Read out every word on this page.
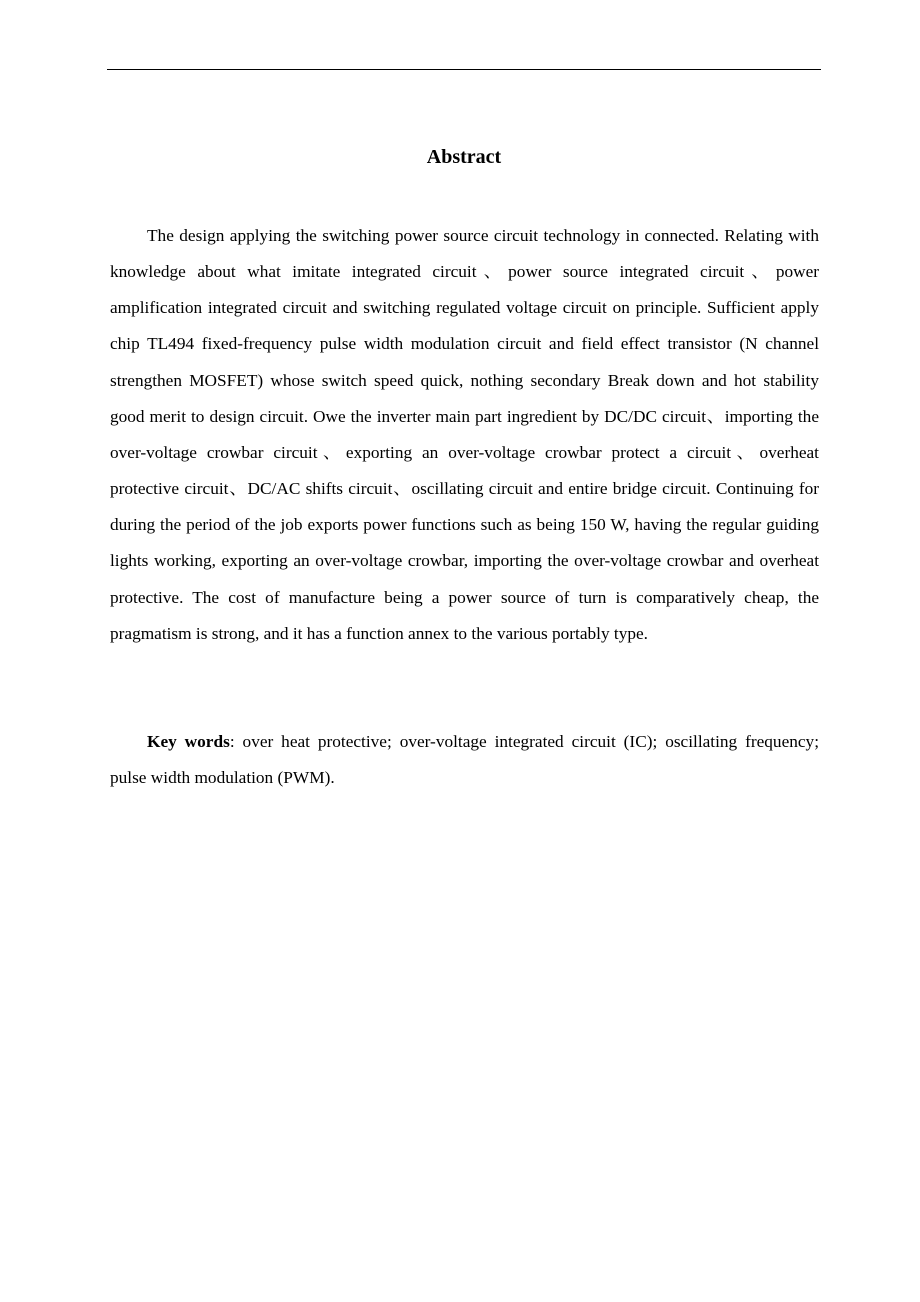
Abstract

The design applying the switching power source circuit technology in connected. Relating with knowledge about what imitate integrated circuit、power source integrated circuit、power amplification integrated circuit and switching regulated voltage circuit on principle. Sufficient apply chip TL494 fixed-frequency pulse width modulation circuit and field effect transistor (N channel strengthen MOSFET) whose switch speed quick, nothing secondary Break down and hot stability good merit to design circuit. Owe the inverter main part ingredient by DC/DC circuit、importing the over-voltage crowbar circuit、exporting an over-voltage crowbar protect a circuit、overheat protective circuit、DC/AC shifts circuit、oscillating circuit and entire bridge circuit. Continuing for during the period of the job exports power functions such as being 150 W, having the regular guiding lights working, exporting an over-voltage crowbar, importing the over-voltage crowbar and overheat protective. The cost of manufacture being a power source of turn is comparatively cheap, the pragmatism is strong, and it has a function annex to the various portably type.

Key words: over heat protective; over-voltage integrated circuit (IC); oscillating frequency; pulse width modulation (PWM).
